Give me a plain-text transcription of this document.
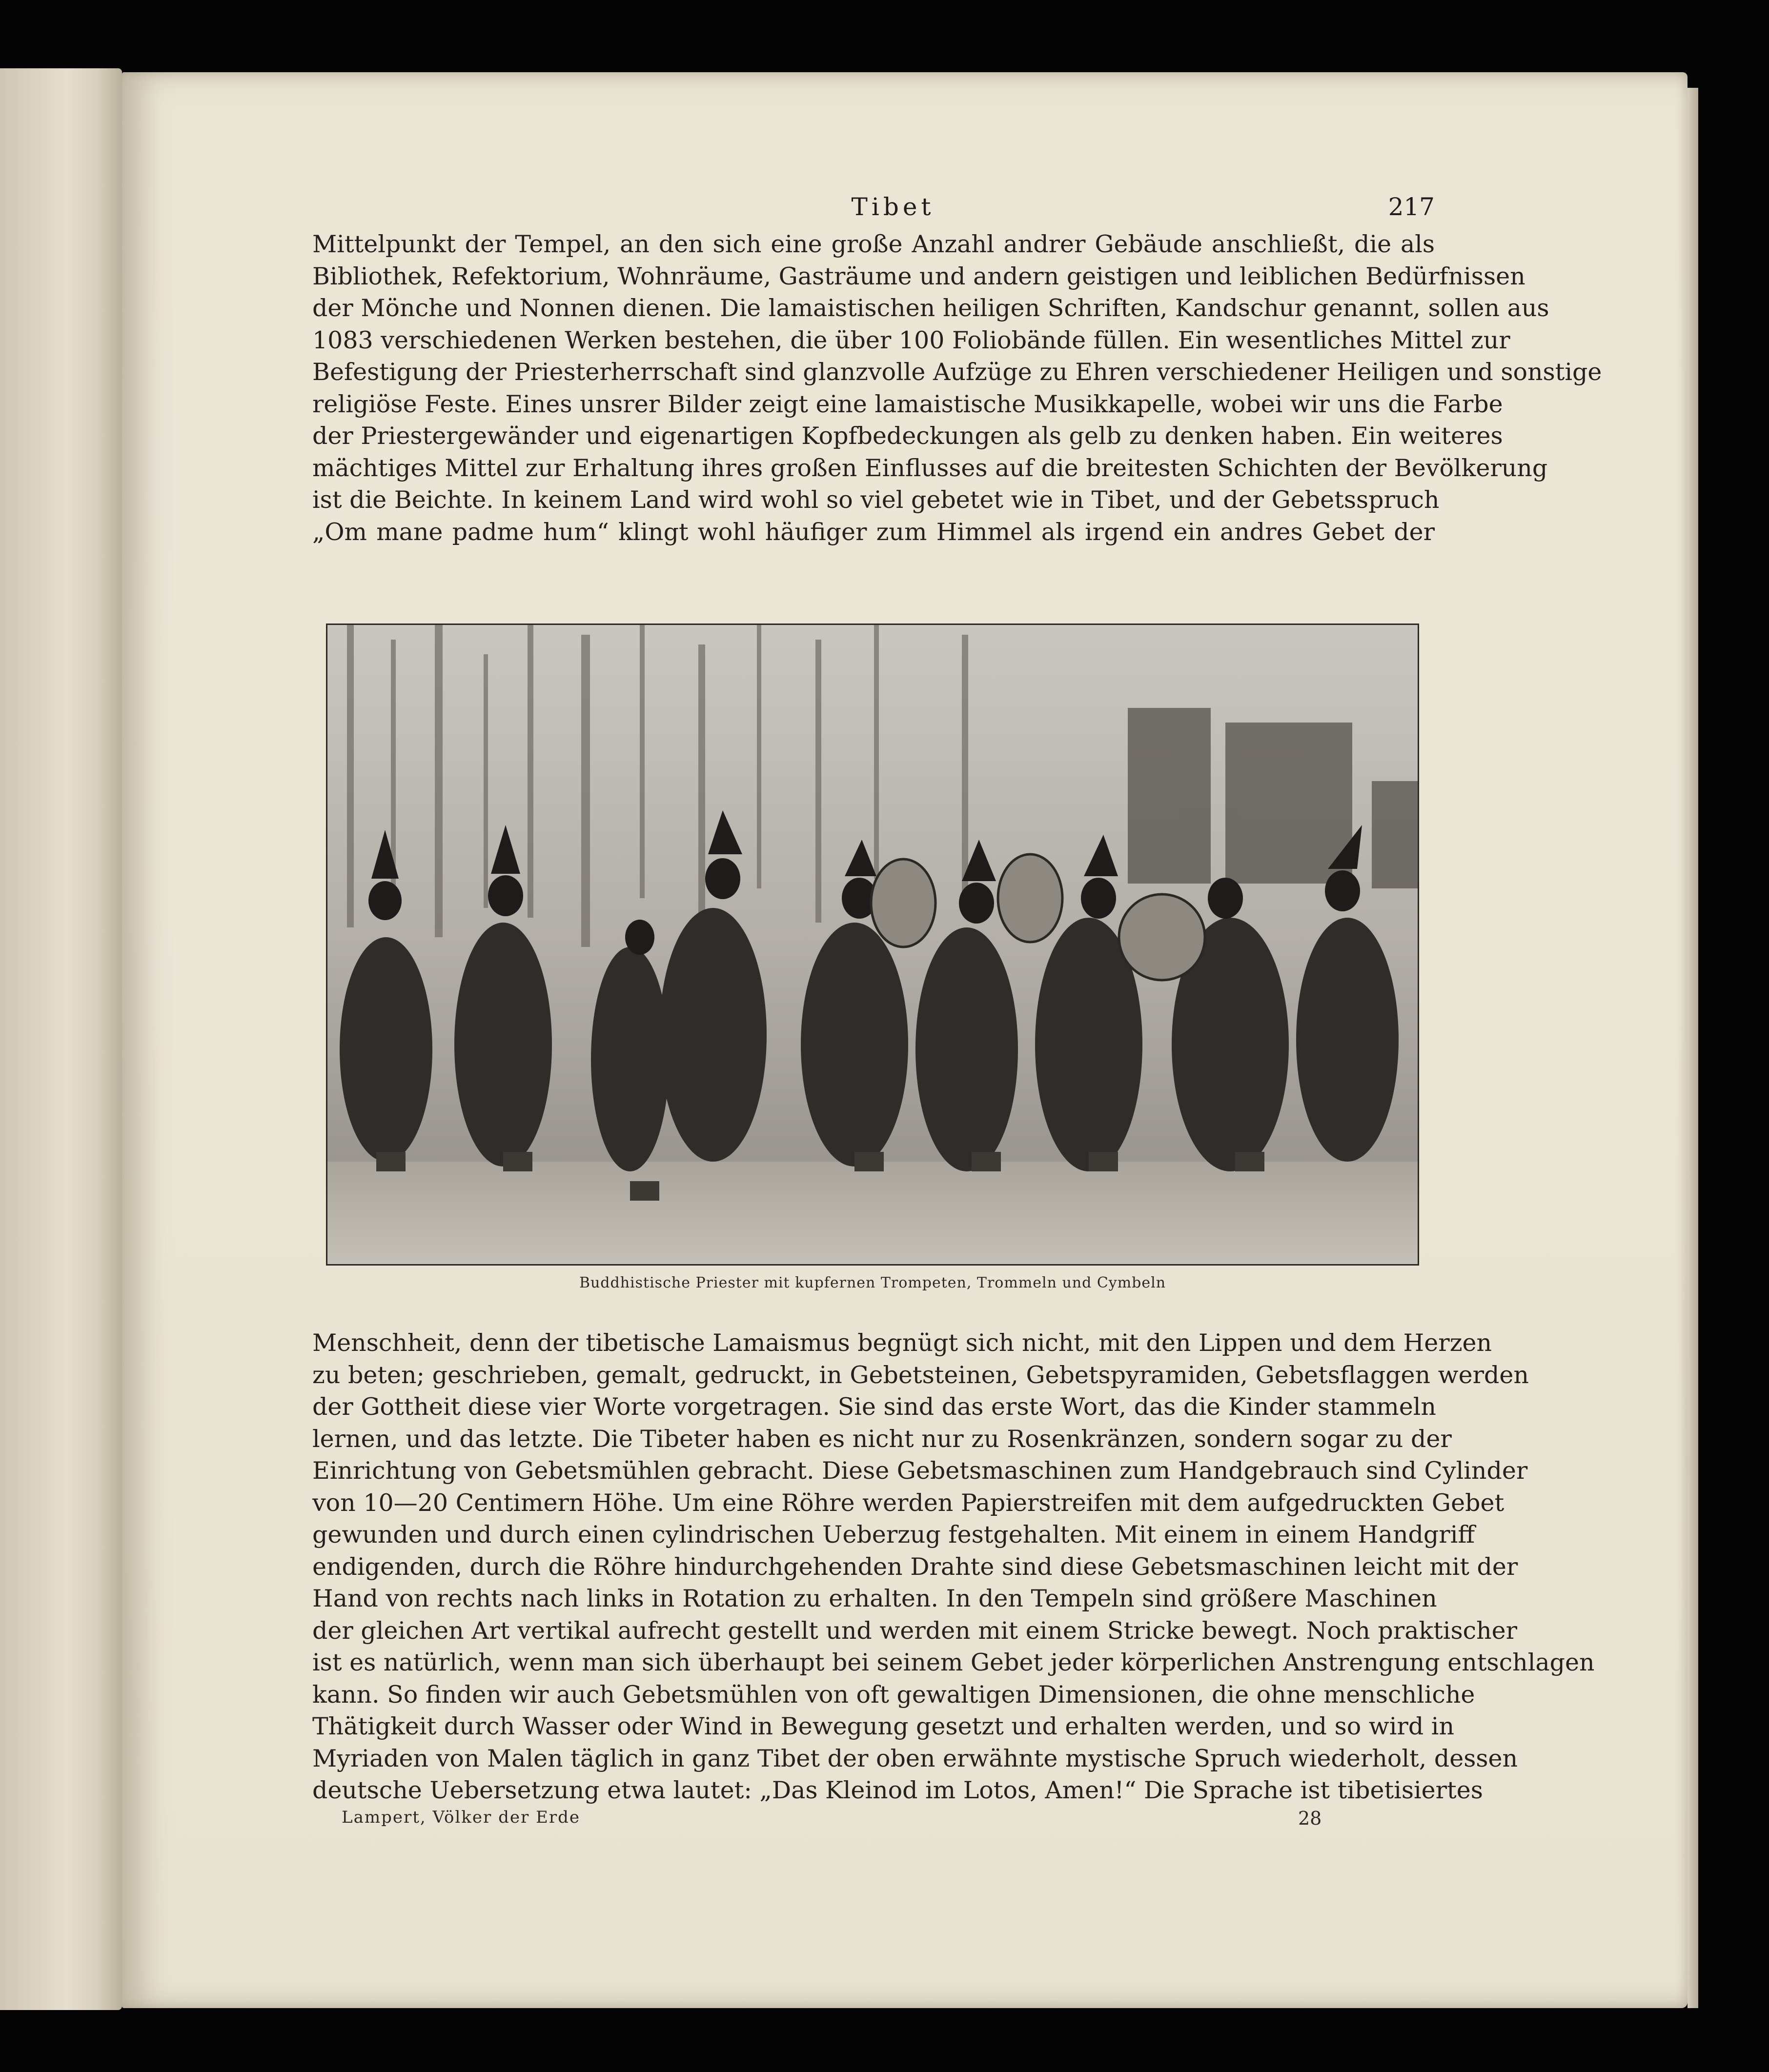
Tibet	217
Mittelpunkt der Tempel, an den sich eine große Anzahl andrer Gebäude anschließt, die als
Bibliothek, Refektorium, Wohnräume, Gasträume und andern geistigen und leiblichen Bedürfnissen
der Mönche und Nonnen dienen. Die lamaistischen heiligen Schriften, Kandschur genannt, sollen aus
1083 verschiedenen Werken bestehen, die über 100 Foliobände füllen. Ein wesentliches Mittel zur
Befestigung der Priesterherrschaft sind glanzvolle Aufzüge zu Ehren verschiedener Heiligen und sonstige
religiöse Feste. Eines unsrer Bilder zeigt eine lamaistische Musikkapelle, wobei wir uns die Farbe
der Priestergewänder und eigenartigen Kopfbedeckungen als gelb zu denken haben. Ein weiteres
mächtiges Mittel zur Erhaltung ihres großen Einflusses auf die breitesten Schichten der Bevölkerung
ist die Beichte. In keinem Land wird wohl so viel gebetet wie in Tibet, und der Gebetsspruch
„Om mane padme hum“ klingt wohl häufiger zum Himmel als irgend ein andres Gebet der
Buddhistische Priester mit kupfernen Trompeten, Trommeln und Cymbeln
Menschheit, denn der tibetische Lamaismus begnügt sich nicht, mit den Lippen und dem Herzen
zu beten; geschrieben, gemalt, gedruckt, in Gebetsteinen, Gebetspyramiden, Gebetsflaggen werden
der Gottheit diese vier Worte vorgetragen. Sie sind das erste Wort, das die Kinder stammeln
lernen, und das letzte. Die Tibeter haben es nicht nur zu Rosenkränzen, sondern sogar zu der
Einrichtung von Gebetsmühlen gebracht. Diese Gebetsmaschinen zum Handgebrauch sind Cylinder
von 10—20 Centimern Höhe. Um eine Röhre werden Papierstreifen mit dem aufgedruckten Gebet
gewunden und durch einen cylindrischen Ueberzug festgehalten. Mit einem in einem Handgriff
endigenden, durch die Röhre hindurchgehenden Drahte sind diese Gebetsmaschinen leicht mit der
Hand von rechts nach links in Rotation zu erhalten. In den Tempeln sind größere Maschinen
der gleichen Art vertikal aufrecht gestellt und werden mit einem Stricke bewegt. Noch praktischer
ist es natürlich, wenn man sich überhaupt bei seinem Gebet jeder körperlichen Anstrengung entschlagen
kann. So finden wir auch Gebetsmühlen von oft gewaltigen Dimensionen, die ohne menschliche
Thätigkeit durch Wasser oder Wind in Bewegung gesetzt und erhalten werden, und so wird in
Myriaden von Malen täglich in ganz Tibet der oben erwähnte mystische Spruch wiederholt, dessen
deutsche Uebersetzung etwa lautet: „Das Kleinod im Lotos, Amen!“ Die Sprache ist tibetisiertes
Lampert, Völker der Erde	28
